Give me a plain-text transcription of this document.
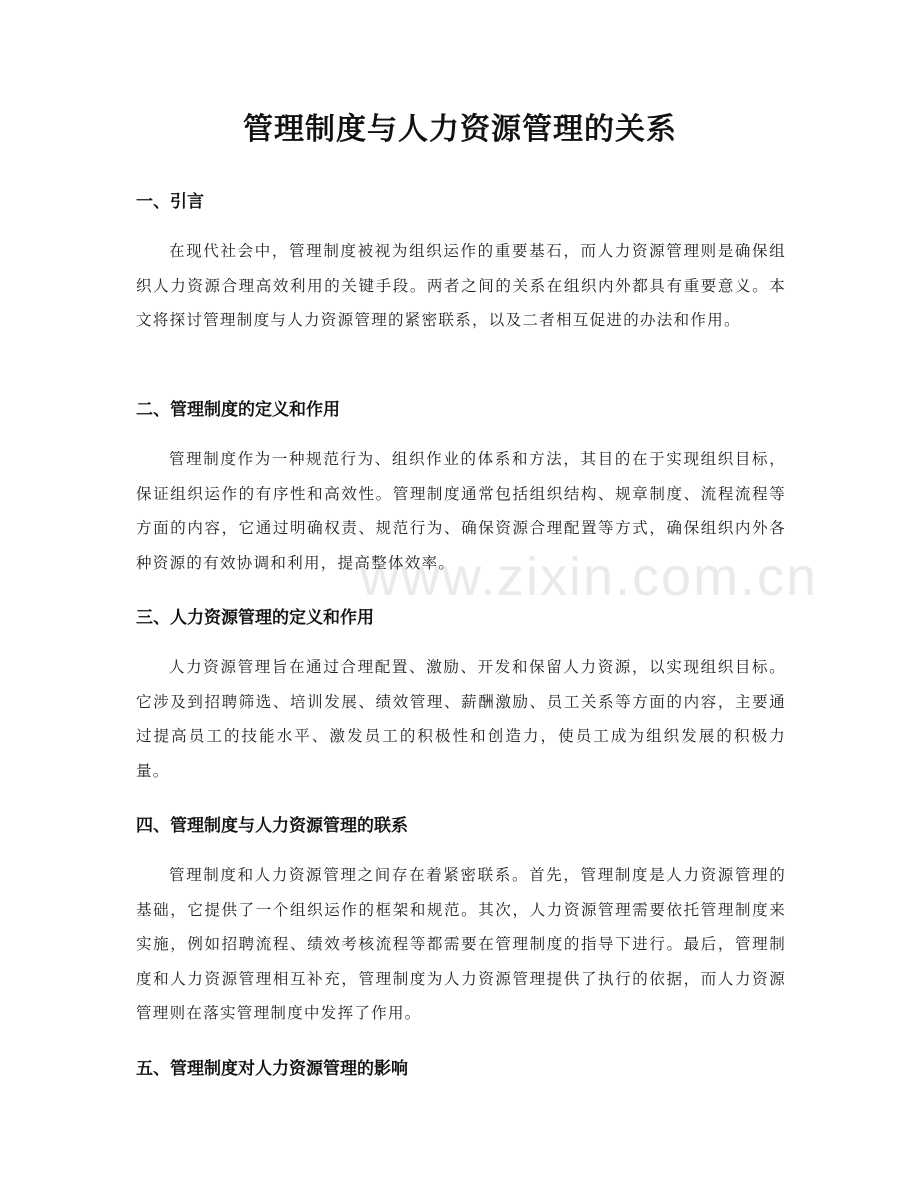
www.zixin.com.cn
管理制度与人力资源管理的关系
一、引言
在现代社会中，管理制度被视为组织运作的重要基石，而人力资源管理则是确保组织人力资源合理高效利用的关键手段。两者之间的关系在组织内外都具有重要意义。本文将探讨管理制度与人力资源管理的紧密联系，以及二者相互促进的办法和作用。
二、管理制度的定义和作用
管理制度作为一种规范行为、组织作业的体系和方法，其目的在于实现组织目标，保证组织运作的有序性和高效性。管理制度通常包括组织结构、规章制度、流程流程等方面的内容，它通过明确权责、规范行为、确保资源合理配置等方式，确保组织内外各种资源的有效协调和利用，提高整体效率。
三、人力资源管理的定义和作用
人力资源管理旨在通过合理配置、激励、开发和保留人力资源，以实现组织目标。它涉及到招聘筛选、培训发展、绩效管理、薪酬激励、员工关系等方面的内容，主要通过提高员工的技能水平、激发员工的积极性和创造力，使员工成为组织发展的积极力量。
四、管理制度与人力资源管理的联系
管理制度和人力资源管理之间存在着紧密联系。首先，管理制度是人力资源管理的基础，它提供了一个组织运作的框架和规范。其次，人力资源管理需要依托管理制度来实施，例如招聘流程、绩效考核流程等都需要在管理制度的指导下进行。最后，管理制度和人力资源管理相互补充，管理制度为人力资源管理提供了执行的依据，而人力资源管理则在落实管理制度中发挥了作用。
五、管理制度对人力资源管理的影响
